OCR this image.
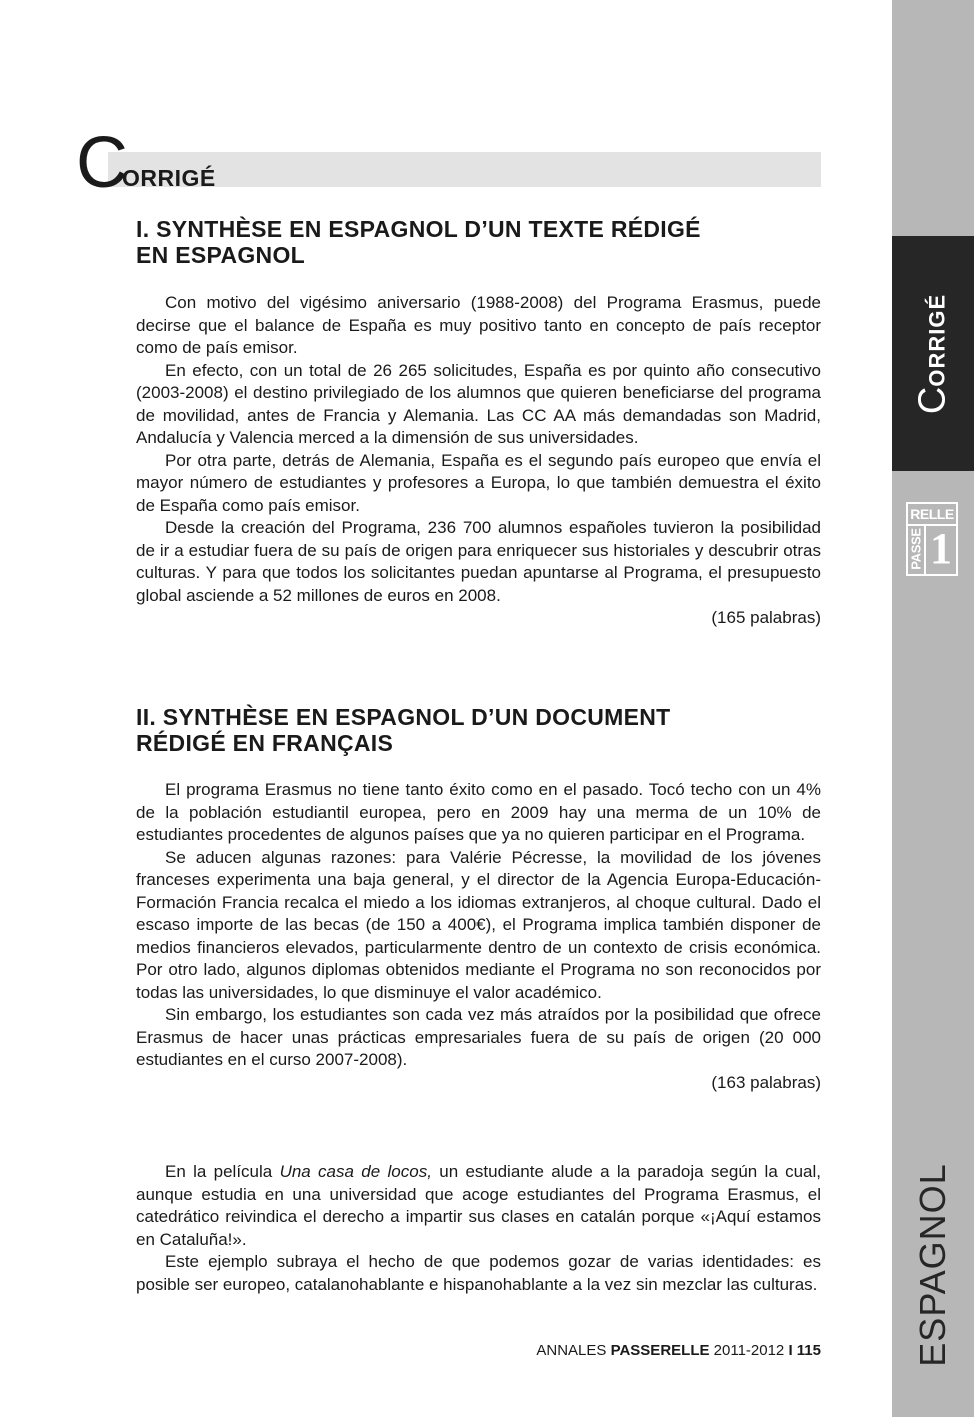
CORRIGÉ
RELLE
PASSE 1
ESPAGNOL
C
ORRIGÉ
I. SYNTHÈSE EN ESPAGNOL D’UN TEXTE RÉDIGÉ
EN ESPAGNOL

Con motivo del vigésimo aniversario (1988-2008) del Programa Erasmus, puede decirse que el balance de España es muy positivo tanto en concepto de país receptor como de país emisor.

En efecto, con un total de 26 265 solicitudes, España es por quinto año consecutivo (2003-2008) el destino privilegiado de los alumnos que quieren beneficiarse del programa de movilidad, antes de Francia y Alemania. Las CC AA más demandadas son Madrid, Andalucía y Valencia merced a la dimensión de sus universidades.

Por otra parte, detrás de Alemania, España es el segundo país europeo que envía el mayor número de estudiantes y profesores a Europa, lo que también demuestra el éxito de España como país emisor.

Desde la creación del Programa, 236 700 alumnos españoles tuvieron la posibilidad de ir a estudiar fuera de su país de origen para enriquecer sus historiales y descubrir otras culturas. Y para que todos los solicitantes puedan apuntarse al Programa, el presupuesto global asciende a 52 millones de euros en 2008.

(165 palabras)

II. SYNTHÈSE EN ESPAGNOL D’UN DOCUMENT
RÉDIGÉ EN FRANÇAIS

El programa Erasmus no tiene tanto éxito como en el pasado. Tocó techo con un 4% de la población estudiantil europea, pero en 2009 hay una merma de un 10% de estudiantes procedentes de algunos países que ya no quieren participar en el Programa.

Se aducen algunas razones: para Valérie Pécresse, la movilidad de los jóvenes franceses experimenta una baja general, y el director de la Agencia Europa-Educación-Formación Francia recalca el miedo a los idiomas extranjeros, al choque cultural. Dado el escaso importe de las becas (de 150 a 400€), el Programa implica también disponer de medios financieros elevados, particularmente dentro de un contexto de crisis económica. Por otro lado, algunos diplomas obtenidos mediante el Programa no son reconocidos por todas las universidades, lo que disminuye el valor académico.

Sin embargo, los estudiantes son cada vez más atraídos por la posibilidad que ofrece Erasmus de hacer unas prácticas empresariales fuera de su país de origen (20 000 estudiantes en el curso 2007-2008).

(163 palabras)

En la película Una casa de locos, un estudiante alude a la paradoja según la cual, aunque estudia en una universidad que acoge estudiantes del Programa Erasmus, el catedrático reivindica el derecho a impartir sus clases en catalán porque «¡Aquí estamos en Cataluña!».

Este ejemplo subraya el hecho de que podemos gozar de varias identidades: es posible ser europeo, catalanohablante e hispanohablante a la vez sin mezclar las culturas.

ANNALES PASSERELLE 2011-2012 I 115
